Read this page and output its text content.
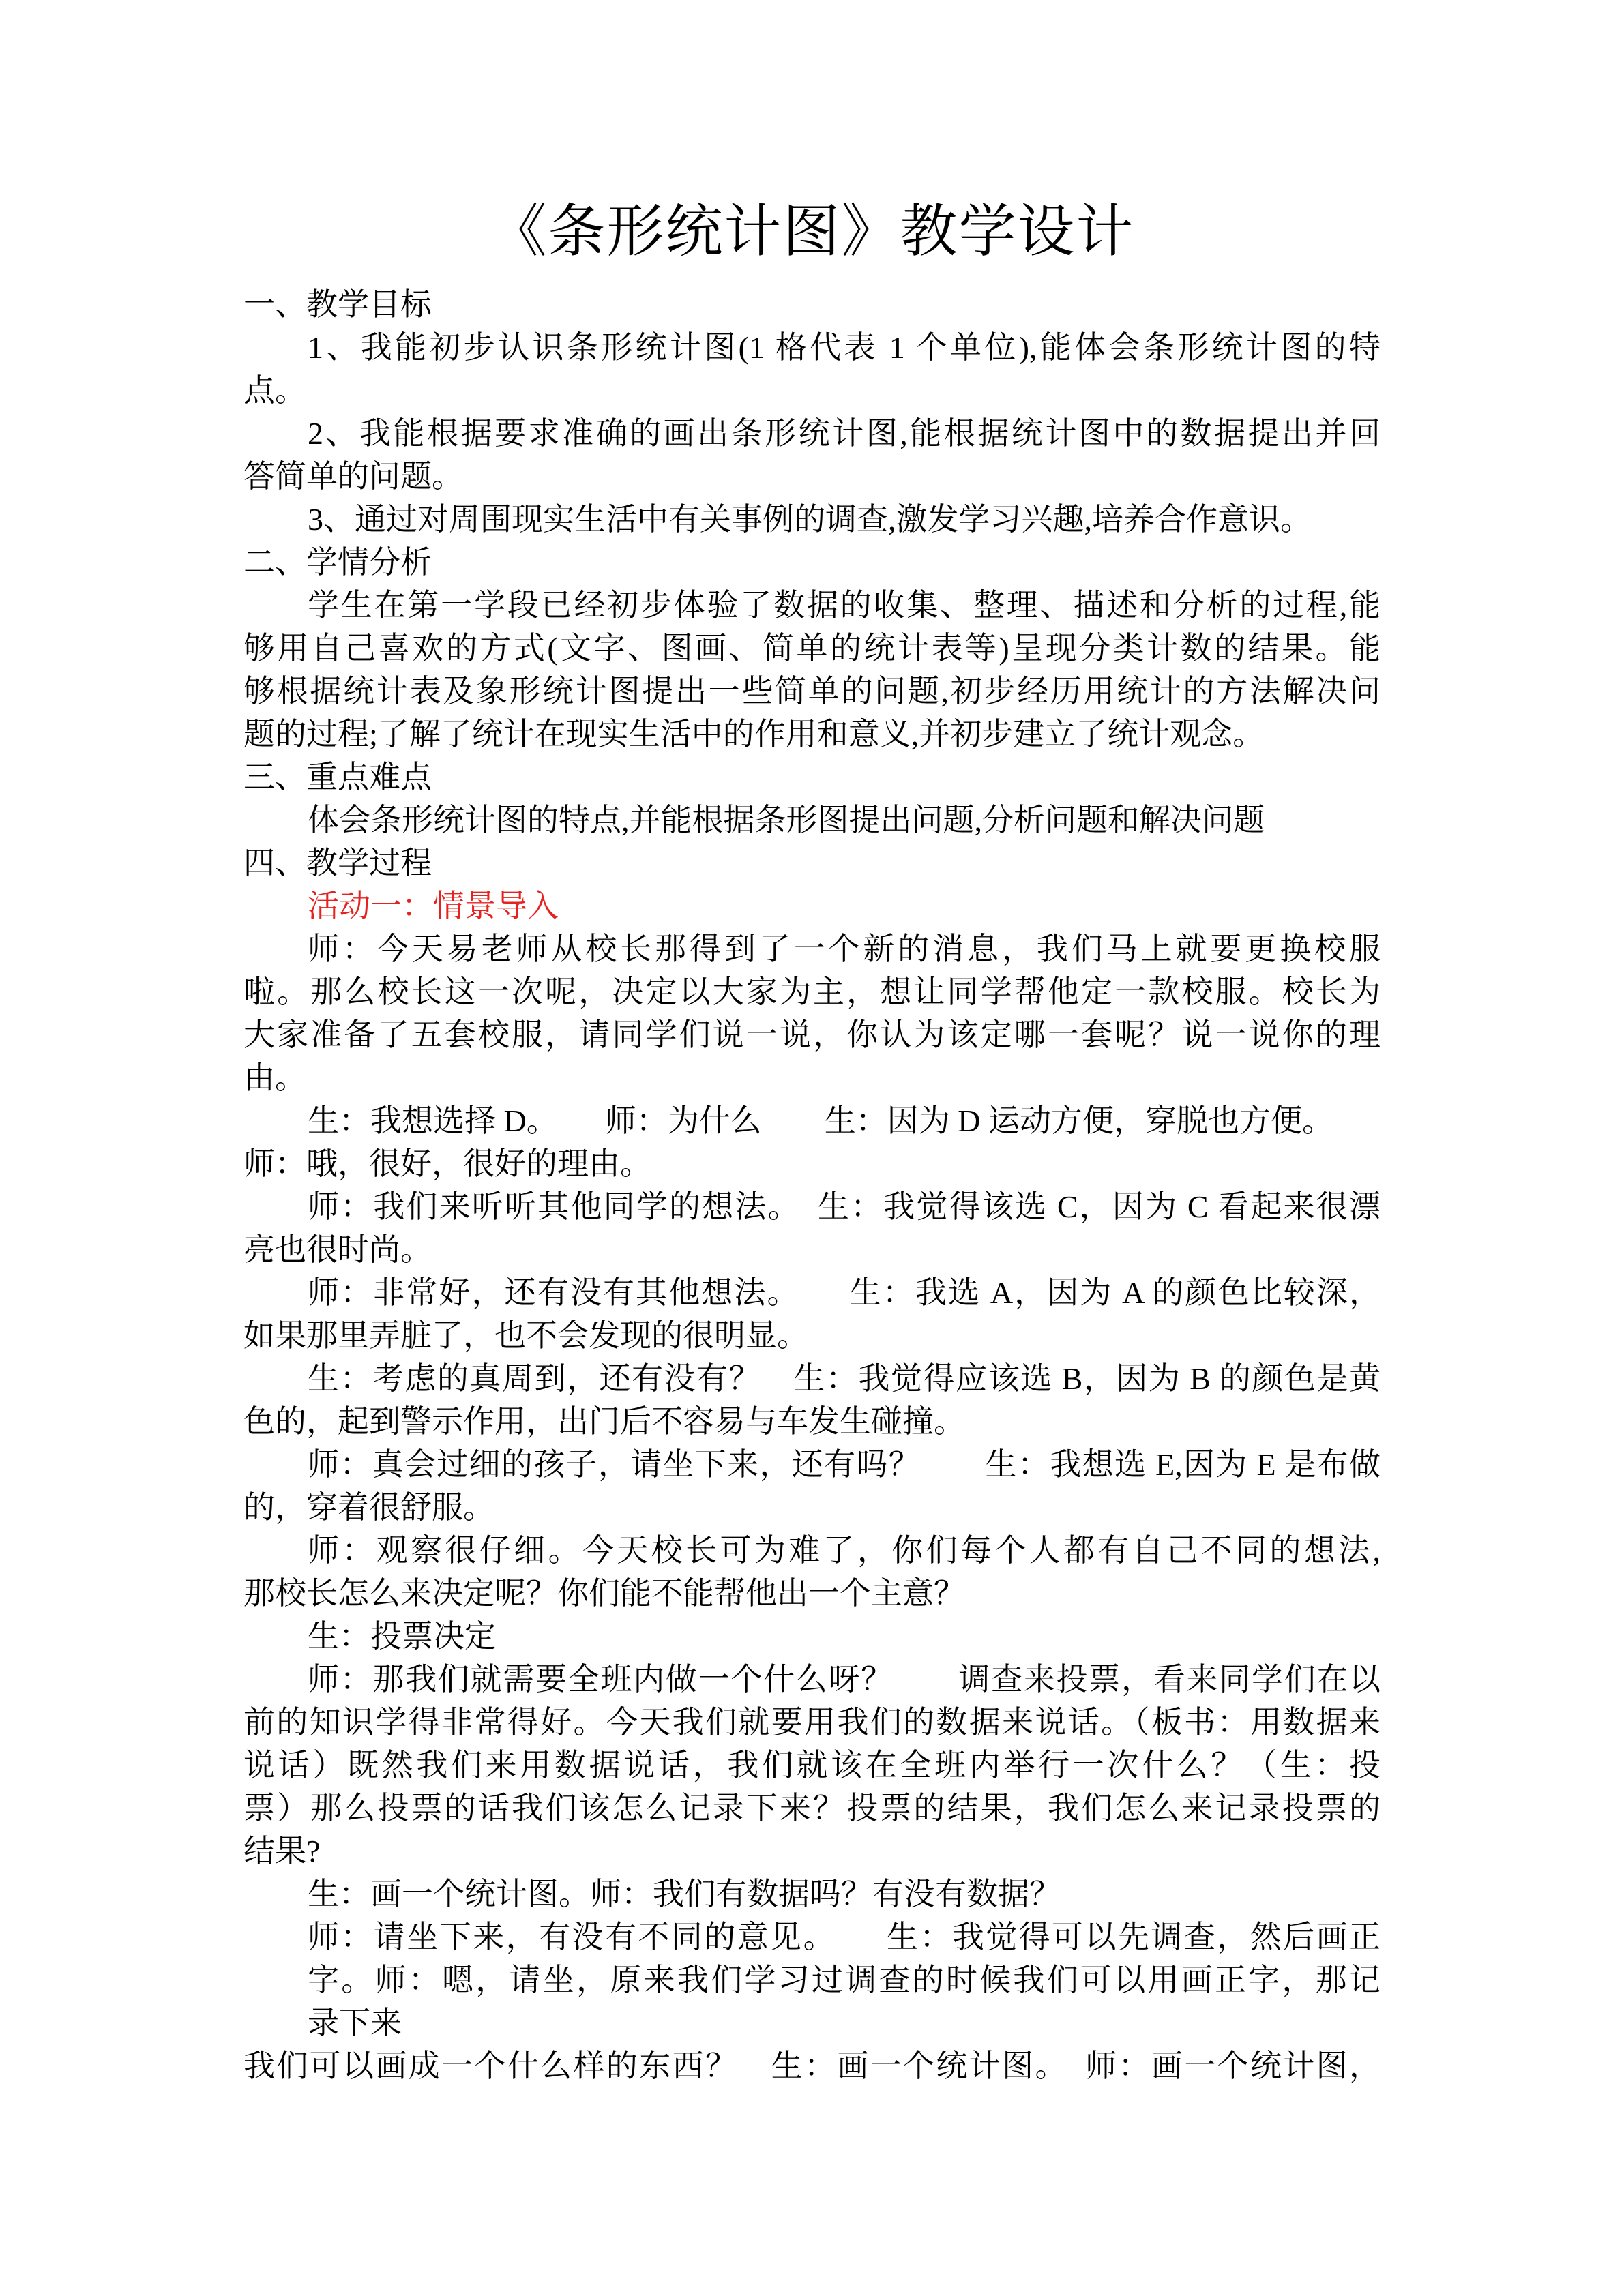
《条形统计图》教学设计
一、教学目标
1、我能初步认识条形统计图(1 格代表 1 个单位),能体会条形统计图的特
点。
2、我能根据要求准确的画出条形统计图,能根据统计图中的数据提出并回
答简单的问题。
3、通过对周围现实生活中有关事例的调查,激发学习兴趣,培养合作意识。
二、学情分析
学生在第一学段已经初步体验了数据的收集、整理、描述和分析的过程,能
够用自己喜欢的方式(文字、图画、简单的统计表等)呈现分类计数的结果。能
够根据统计表及象形统计图提出一些简单的问题,初步经历用统计的方法解决问
题的过程;了解了统计在现实生活中的作用和意义,并初步建立了统计观念。
三、重点难点
体会条形统计图的特点,并能根据条形图提出问题,分析问题和解决问题
四、教学过程
活动一：情景导入
师：今天易老师从校长那得到了一个新的消息，我们马上就要更换校服
啦。那么校长这一次呢，决定以大家为主，想让同学帮他定一款校服。校长为
大家准备了五套校服，请同学们说一说，你认为该定哪一套呢？说一说你的理
由。
生：我想选择 D。　　师：为什么　　生：因为 D 运动方便，穿脱也方便。
师：哦，很好，很好的理由。
师：我们来听听其他同学的想法。　生：我觉得该选 C，因为 C 看起来很漂
亮也很时尚。
师：非常好，还有没有其他想法。　　生：我选 A，因为 A 的颜色比较深，
如果那里弄脏了，也不会发现的很明显。
生：考虑的真周到，还有没有？　生：我觉得应该选 B，因为 B 的颜色是黄
色的，起到警示作用，出门后不容易与车发生碰撞。
师：真会过细的孩子，请坐下来，还有吗？　　生：我想选 E,因为 E 是布做
的，穿着很舒服。
师：观察很仔细。今天校长可为难了，你们每个人都有自己不同的想法,
那校长怎么来决定呢？你们能不能帮他出一个主意？
生：投票决定
师：那我们就需要全班内做一个什么呀？　　调查来投票，看来同学们在以
前的知识学得非常得好。今天我们就要用我们的数据来说话。（板书：用数据来
说话）既然我们来用数据说话，我们就该在全班内举行一次什么？（生：投
票）那么投票的话我们该怎么记录下来？投票的结果，我们怎么来记录投票的
结果?
生：画一个统计图。师：我们有数据吗？有没有数据？
师：请坐下来，有没有不同的意见。　　生：我觉得可以先调查，然后画正
字。师：嗯，请坐，原来我们学习过调查的时候我们可以用画正字，那记
录下来
我们可以画成一个什么样的东西？　生：画一个统计图。　师：画一个统计图，
